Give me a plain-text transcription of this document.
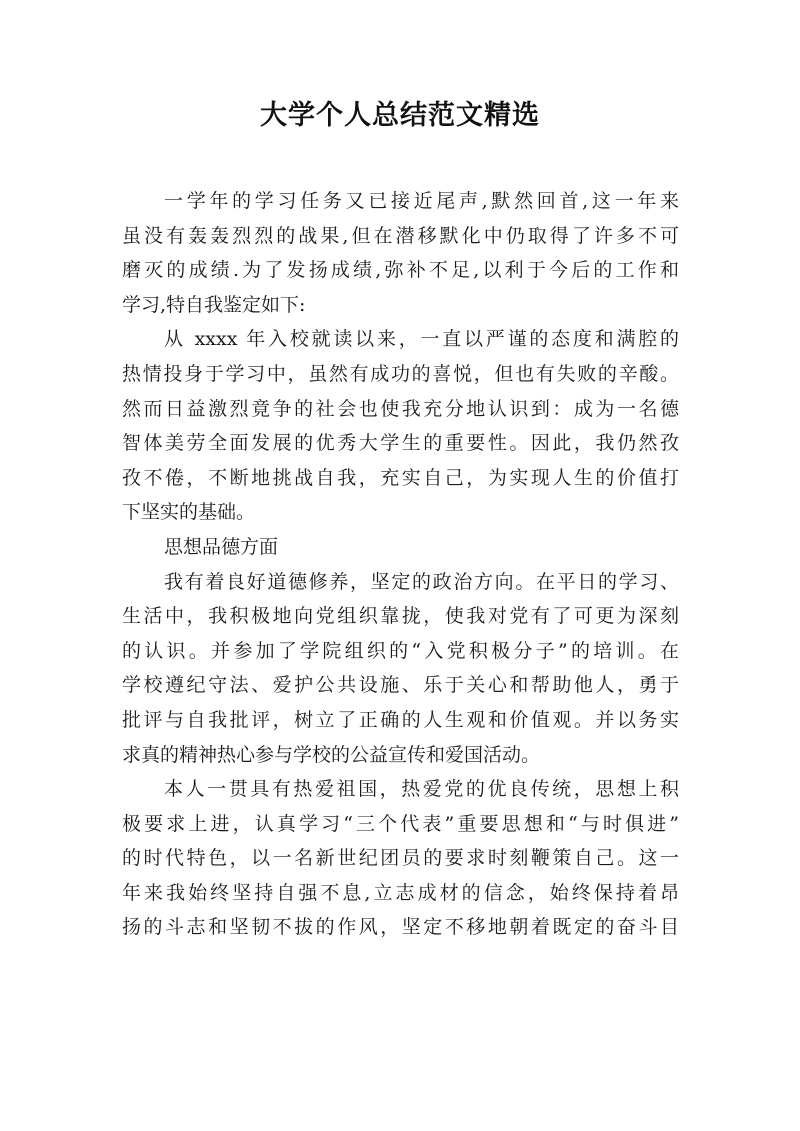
大学个人总结范文精选
一学年的学习任务又已接近尾声,默然回首,这一年来
虽没有轰轰烈烈的战果,但在潜移默化中仍取得了许多不可
磨灭的成绩.为了发扬成绩,弥补不足,以利于今后的工作和
学习,特自我鉴定如下:
从 xxxx 年入校就读以来，一直以严谨的态度和满腔的
热情投身于学习中，虽然有成功的喜悦，但也有失败的辛酸。
然而日益激烈竟争的社会也使我充分地认识到：成为一名德
智体美劳全面发展的优秀大学生的重要性。因此，我仍然孜
孜不倦，不断地挑战自我，充实自己，为实现人生的价值打
下坚实的基础。
思想品德方面
我有着良好道德修养，坚定的政治方向。在平日的学习、
生活中，我积极地向党组织靠拢，使我对党有了可更为深刻
的认识。并参加了学院组织的“入党积极分子”的培训。在
学校遵纪守法、爱护公共设施、乐于关心和帮助他人，勇于
批评与自我批评，树立了正确的人生观和价值观。并以务实
求真的精神热心参与学校的公益宣传和爱国活动。
本人一贯具有热爱祖国，热爱党的优良传统，思想上积
极要求上进，认真学习“三个代表”重要思想和“与时俱进”
的时代特色，以一名新世纪团员的要求时刻鞭策自己。这一
年来我始终坚持自强不息,立志成材的信念，始终保持着昂
扬的斗志和坚韧不拔的作风，坚定不移地朝着既定的奋斗目
